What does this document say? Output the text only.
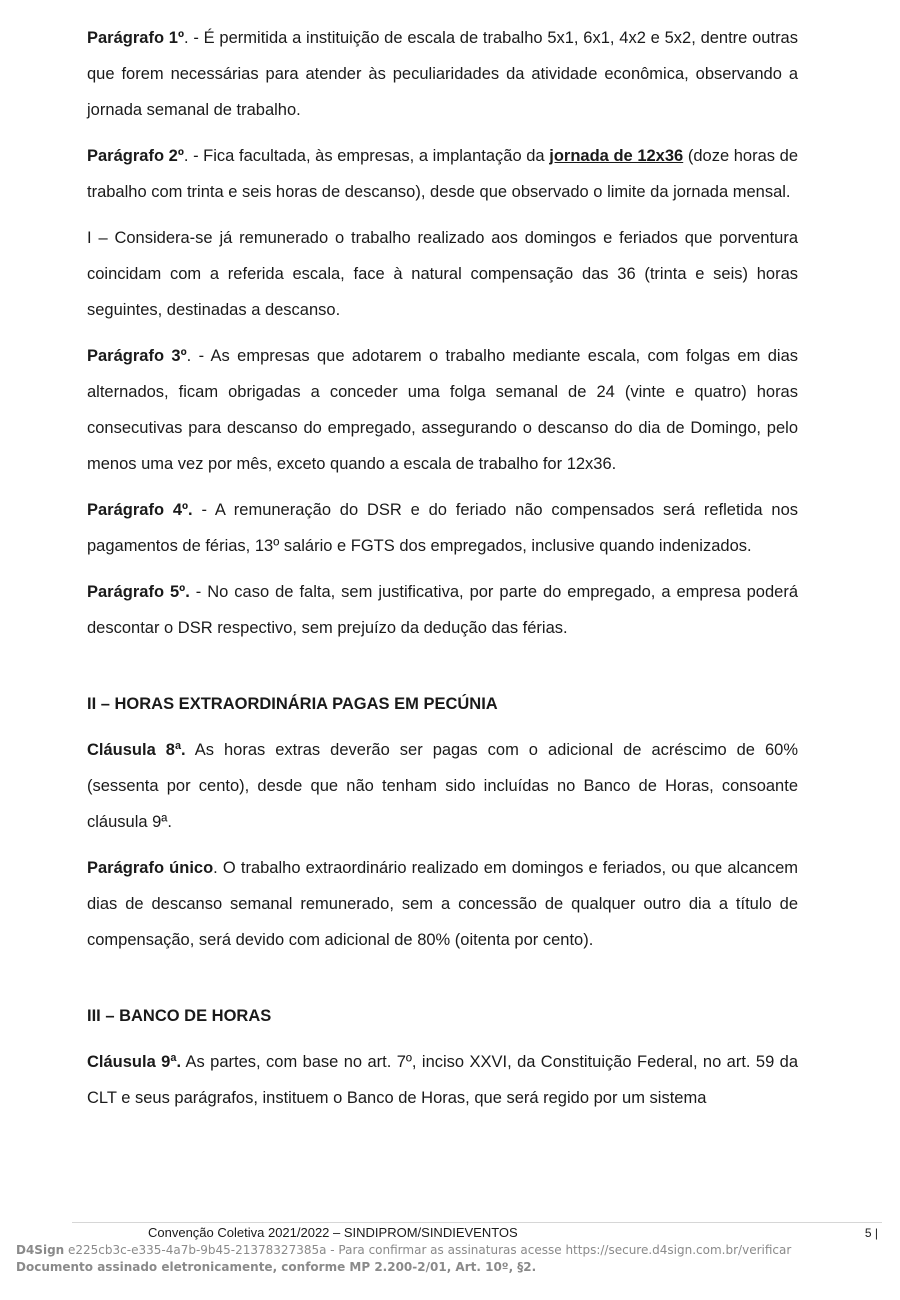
Parágrafo 1º. - É permitida a instituição de escala de trabalho 5x1, 6x1, 4x2 e 5x2, dentre outras que forem necessárias para atender às peculiaridades da atividade econômica, observando a jornada semanal de trabalho.

Parágrafo 2º. - Fica facultada, às empresas, a implantação da jornada de 12x36 (doze horas de trabalho com trinta e seis horas de descanso), desde que observado o limite da jornada mensal.

I – Considera-se já remunerado o trabalho realizado aos domingos e feriados que porventura coincidam com a referida escala, face à natural compensação das 36 (trinta e seis) horas seguintes, destinadas a descanso.

Parágrafo 3º. - As empresas que adotarem o trabalho mediante escala, com folgas em dias alternados, ficam obrigadas a conceder uma folga semanal de 24 (vinte e quatro) horas consecutivas para descanso do empregado, assegurando o descanso do dia de Domingo, pelo menos uma vez por mês, exceto quando a escala de trabalho for 12x36.

Parágrafo 4º. - A remuneração do DSR e do feriado não compensados será refletida nos pagamentos de férias, 13º salário e FGTS dos empregados, inclusive quando indenizados.

Parágrafo 5º. - No caso de falta, sem justificativa, por parte do empregado, a empresa poderá descontar o DSR respectivo, sem prejuízo da dedução das férias.

II – HORAS EXTRAORDINÁRIA PAGAS EM PECÚNIA

Cláusula 8ª. As horas extras deverão ser pagas com o adicional de acréscimo de 60% (sessenta por cento), desde que não tenham sido incluídas no Banco de Horas, consoante cláusula 9ª.

Parágrafo único. O trabalho extraordinário realizado em domingos e feriados, ou que alcancem dias de descanso semanal remunerado, sem a concessão de qualquer outro dia a título de compensação, será devido com adicional de 80% (oitenta por cento).

III – BANCO DE HORAS

Cláusula 9ª. As partes, com base no art. 7º, inciso XXVI, da Constituição Federal, no art. 59 da CLT e seus parágrafos, instituem o Banco de Horas, que será regido por um sistema

Convenção Coletiva 2021/2022 – SINDIPROM/SINDIEVENTOS	5 |
D4Sign e225cb3c-e335-4a7b-9b45-21378327385a - Para confirmar as assinaturas acesse https://secure.d4sign.com.br/verificar
Documento assinado eletronicamente, conforme MP 2.200-2/01, Art. 10º, §2.
